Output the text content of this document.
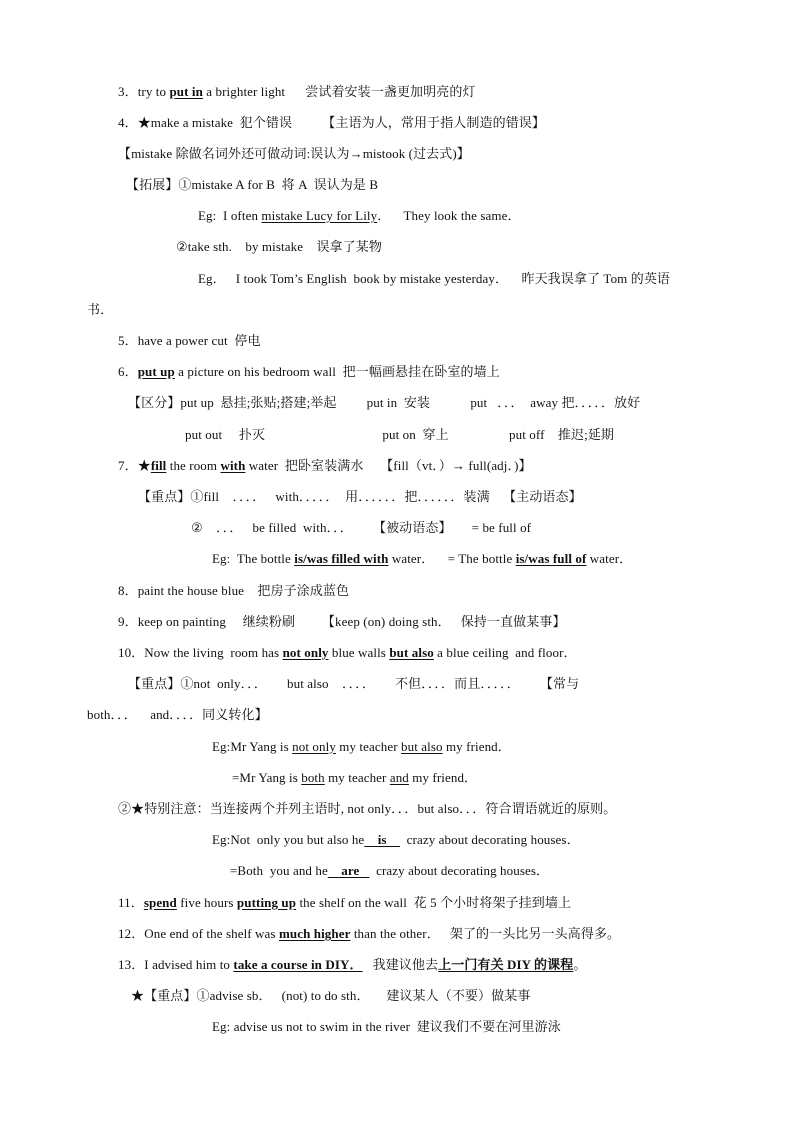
3．try to put in a brighter light      尝试着安装一盏更加明亮的灯
4．★make a mistake  犯个错误         【主语为人，常用于指人制造的错误】
【mistake 除做名词外还可做动词:误认为→mistook (过去式)】
【拓展】①mistake A for B  将 A  误认为是 B
Eg:  I often mistake Lucy for Lily．    They look the same．
②take sth.    by mistake    误拿了某物
Eg．   I took Tom’s English  book by mistake yesterday．    昨天我误拿了 Tom 的英语
书．
5．have a power cut  停电
6．put up a picture on his bedroom wall  把一幅画悬挂在卧室的墙上
【区分】put up  悬挂;张贴;搭建;举起         put in  安装            put   ．．．  away 把．．．．．放好
put out     扑灭                                   put on  穿上                  put off    推迟;延期
7．★fill the room with water  把卧室装满水     【fill（vt．）→ full(adj．)】
【重点】①fill    ．．．．   with．．．．．  用．．．．．．把．．．．．．装满    【主动语态】
②    ．．．   be filled  with．．．      【被动语态】      = be full of
Eg:  The bottle is/was filled with water．    = The bottle is/was full of water．
8．paint the house blue    把房子涂成蓝色
9．keep on painting     继续粉刷        【keep (on) doing sth．   保持一直做某事】
10．Now the living  room has not only blue walls but also a blue ceiling  and floor．
【重点】①not  only．．．      but also    ．．．．      不但．．．．而且．．．．．      【常与
both．．．    and．．．．同义转化】
Eg:Mr Yang is not only my teacher but also my friend．
=Mr Yang is both my teacher and my friend．
②★特别注意：当连接两个并列主语时, not only．．．but also．．．符合谓语就近的原则。
Eg:Not  only you but also he    is      crazy about decorating houses．
=Both  you and he    are     crazy about decorating houses．
11．spend five hours putting up the shelf on the wall  花 5 个小时将架子挂到墙上
12．One end of the shelf was much higher than the other．   架了的一头比另一头高得多。
13．I advised him to take a course in DIY．   我建议他去上一门有关 DIY 的课程。
★【重点】①advise sb．   (not) to do sth．     建议某人（不要）做某事
Eg: advise us not to swim in the river  建议我们不要在河里游泳
